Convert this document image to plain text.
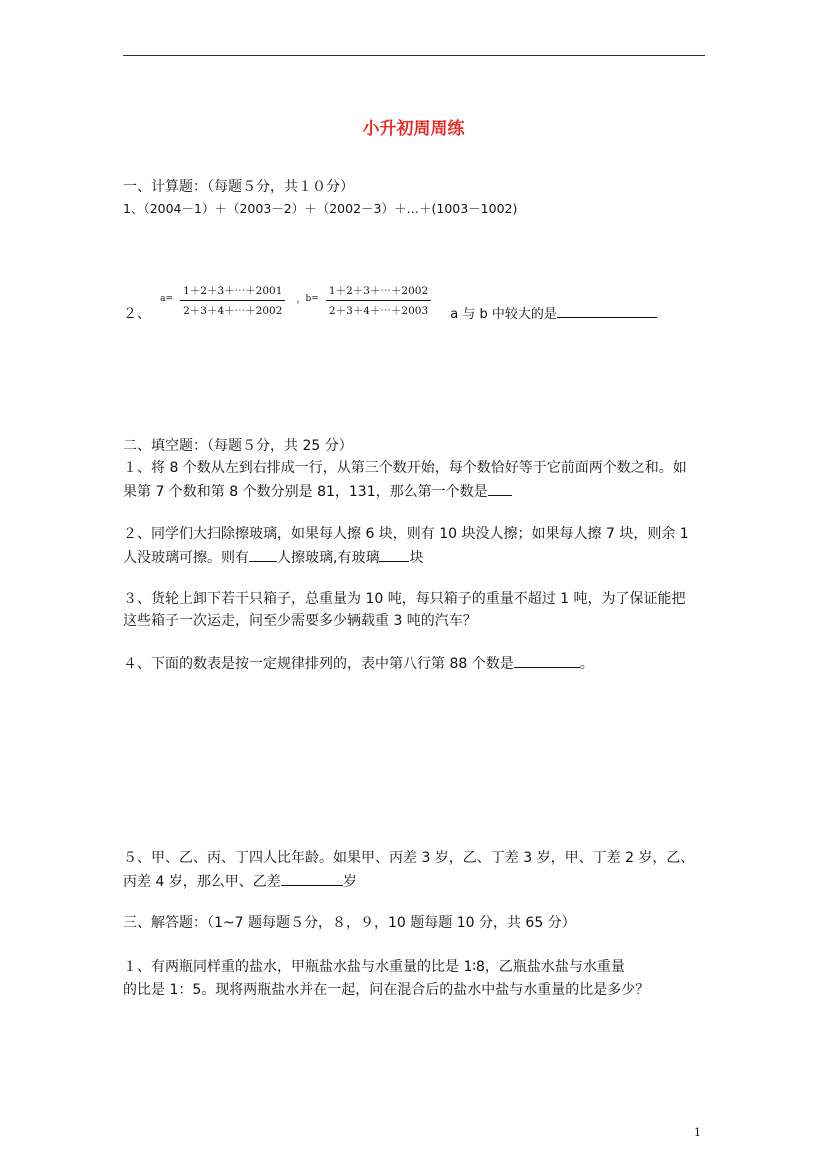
小升初周周练
一、计算题：（每题５分，共１０分）
1、（2004－1）＋（2003－2）＋（2002－3）＋…＋(1003－1002)
２、 $a= \frac{1+2+3+\cdots+2001}{2+3+4+\cdots+2002}$ ，$b= \frac{1+2+3+\cdots+2002}{2+3+4+\cdots+2003} _{a 与 b 中较大的是}$
二、填空题：（每题５分，共 25 分）
１、将 8 个数从左到右排成一行，从第三个数开始，每个数恰好等于它前面两个数之和。如
果第 7 个数和第 8 个数分别是 81，131，那么第一个数是
２、同学们大扫除擦玻璃，如果每人擦 6 块，则有 10 块没人擦；如果每人擦 7 块，则余 1
人没玻璃可擦。则有 人擦玻璃,有玻璃 块
３、货轮上卸下若干只箱子，总重量为 10 吨，每只箱子的重量不超过 1 吨，为了保证能把
这些箱子一次运走，问至少需要多少辆载重 3 吨的汽车？
４、下面的数表是按一定规律排列的，表中第八行第 88 个数是	。
５、甲、乙、丙、丁四人比年龄。如果甲、丙差 3 岁，乙、丁差 3 岁，甲、丁差 2 岁，乙、
丙差 4 岁，那么甲、乙差	岁
三、解答题：（1~7 题每题５分，８，９，10 题每题 10 分，共 65 分）
１、有两瓶同样重的盐水，甲瓶盐水盐与水重量的比是 1∶8，乙瓶盐水盐与水重量
的比是 1：5。现将两瓶盐水并在一起，问在混合后的盐水中盐与水重量的比是多少？
1
